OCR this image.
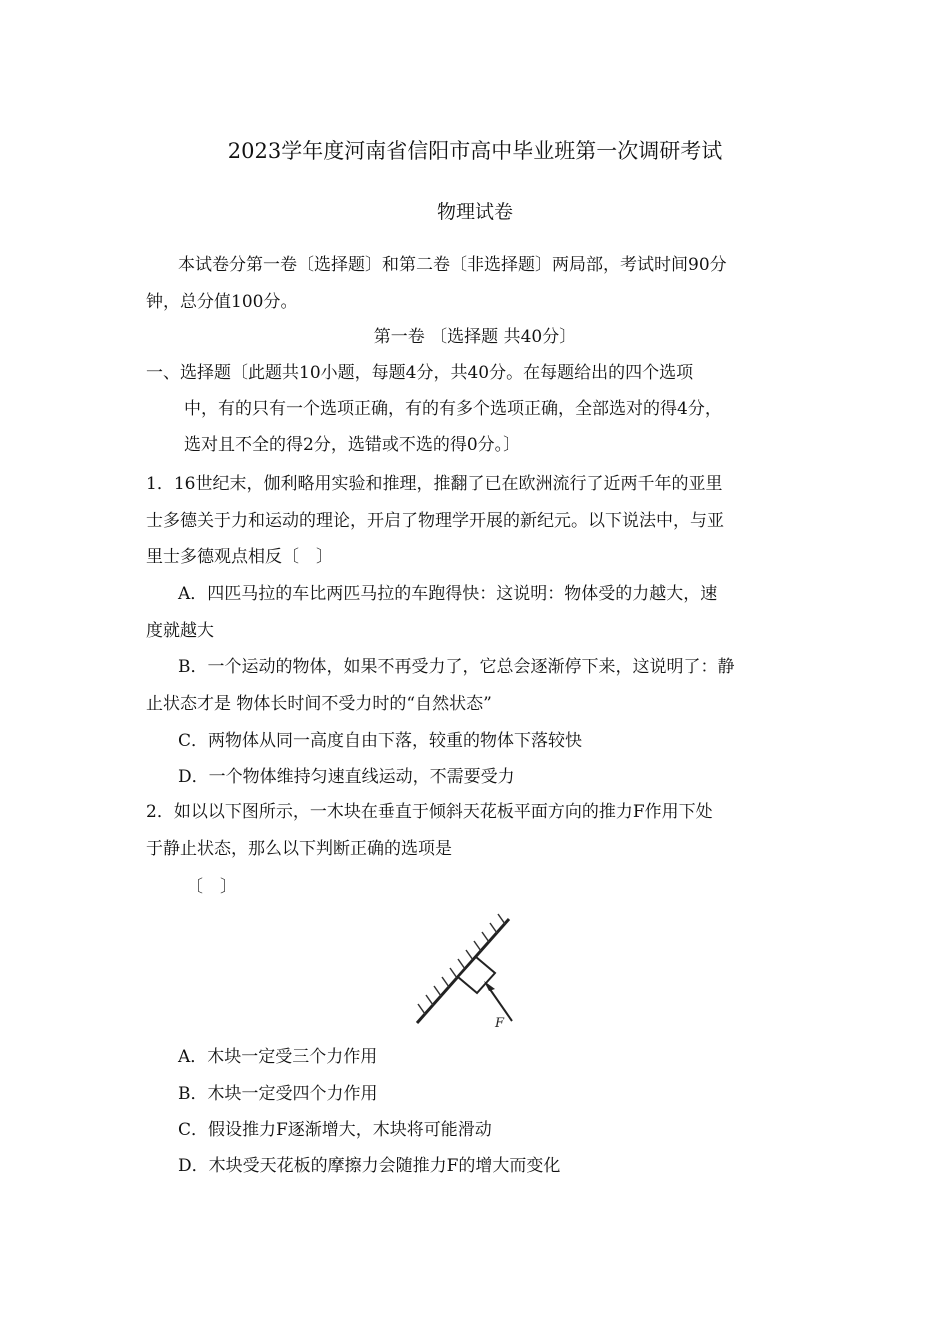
2023学年度河南省信阳市高中毕业班第一次调研考试
物理试卷
本试卷分第一卷〔选择题〕和第二卷〔非选择题〕两局部，考试时间90分
钟，总分值100分。
第一卷 〔选择题 共40分〕
一、选择题〔此题共10小题，每题4分，共40分。在每题给出的四个选项
中，有的只有一个选项正确，有的有多个选项正确，全部选对的得4分，
选对且不全的得2分，选错或不选的得0分。〕
1．16世纪末，伽利略用实验和推理，推翻了已在欧洲流行了近两千年的亚里
士多德关于力和运动的理论，开启了物理学开展的新纪元。以下说法中，与亚
里士多德观点相反〔　〕
A．四匹马拉的车比两匹马拉的车跑得快：这说明：物体受的力越大，速
度就越大
B．一个运动的物体，如果不再受力了，它总会逐渐停下来，这说明了：静
止状态才是 物体长时间不受力时的“自然状态”
C．两物体从同一高度自由下落，较重的物体下落较快
D．一个物体维持匀速直线运动，不需要受力
2．如以以下图所示，一木块在垂直于倾斜天花板平面方向的推力F作用下处
于静止状态，那么以下判断正确的选项是
〔　〕
F
A．木块一定受三个力作用
B．木块一定受四个力作用
C．假设推力F逐渐增大，木块将可能滑动
D．木块受天花板的摩擦力会随推力F的增大而变化
